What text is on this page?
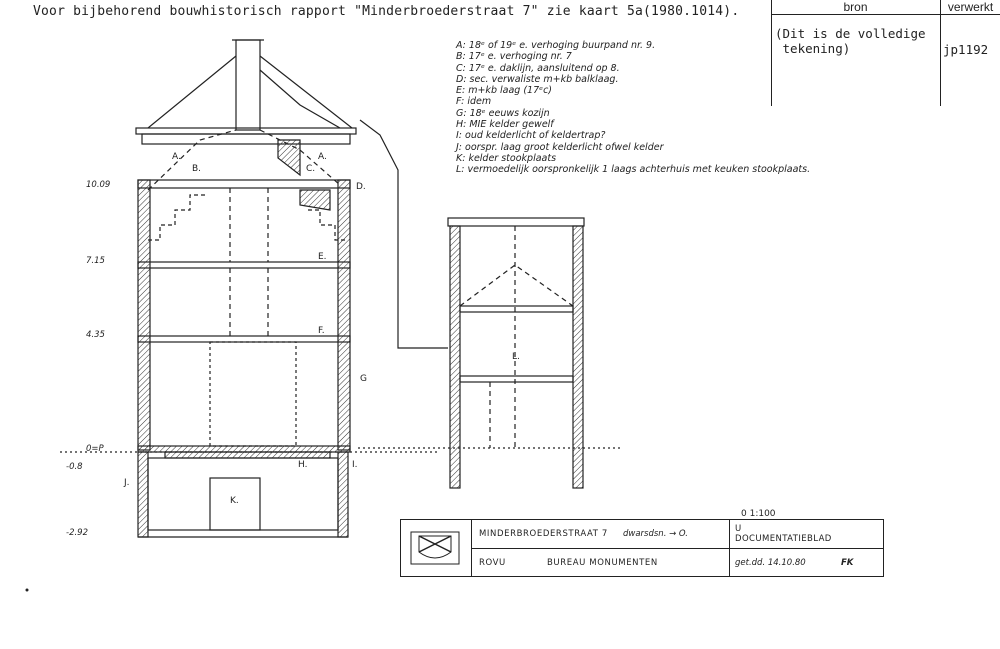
Voor bijbehorend bouwhistorisch rapport "Minderbroederstraat 7" zie kaart 5a(1980.1014).	bron	verwerkt
(Dit is de volledige
tekening)	jp1192
A: 18ᵉ of 19ᵉ e. verhoging buurpand nr. 9.
B: 17ᵉ e. verhoging nr. 7
C: 17ᵉ e. daklijn, aansluitend op 8.
D: sec. verwaliste m+kb balklaag.
E: m+kb laag (17ᵉc)
F: idem
G: 18ᵉ eeuws kozijn
H: MIE kelder gewelf
I: oud kelderlicht of keldertrap?
J: oorspr. laag groot kelderlicht ofwel kelder
K: kelder stookplaats
L: vermoedelijk oorspronkelijk 1 laags achterhuis met keuken stookplaats.
10.09
7.15
4.35
0=P
-0.8
-2.92
A.	A.
B.	C.
D.
E.
F.
G
H.	I.
J.
K.
L.
0 1:100
MINDERBROEDERSTRAAT 7 dwarsdsn. → O.	U
DOCUMENTATIEBLAD
ROVU	BUREAU MONUMENTEN	get.dd. 14.10.80	FK
